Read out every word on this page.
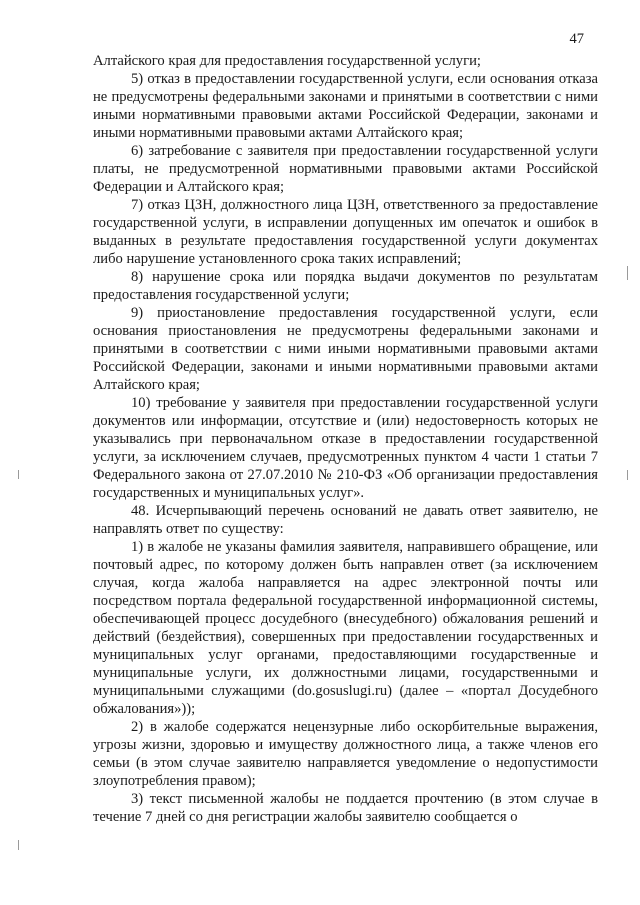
47

Алтайского края для предоставления государственной услуги;

5) отказ в предоставлении государственной услуги, если основания отказа не предусмотрены федеральными законами и принятыми в соответствии с ними иными нормативными правовыми актами Российской Федерации, законами и иными нормативными правовыми актами Алтайского края;

6) затребование с заявителя при предоставлении государственной услуги платы, не предусмотренной нормативными правовыми актами Российской Федерации и Алтайского края;

7) отказ ЦЗН, должностного лица ЦЗН, ответственного за предоставление государственной услуги, в исправлении допущенных им опечаток и ошибок в выданных в результате предоставления государственной услуги документах либо нарушение установленного срока таких исправлений;

8) нарушение срока или порядка выдачи документов по результатам предоставления государственной услуги;

9) приостановление предоставления государственной услуги, если основания приостановления не предусмотрены федеральными законами и принятыми в соответствии с ними иными нормативными правовыми актами Российской Федерации, законами и иными нормативными правовыми актами Алтайского края;

10) требование у заявителя при предоставлении государственной услуги документов или информации, отсутствие и (или) недостоверность которых не указывались при первоначальном отказе в предоставлении государственной услуги, за исключением случаев, предусмотренных пунктом 4 части 1 статьи 7 Федерального закона от 27.07.2010 № 210-ФЗ «Об организации предоставления государственных и муниципальных услуг».

48. Исчерпывающий перечень оснований не давать ответ заявителю, не направлять ответ по существу:

1) в жалобе не указаны фамилия заявителя, направившего обращение, или почтовый адрес, по которому должен быть направлен ответ (за исключением случая, когда жалоба направляется на адрес электронной почты или посредством портала федеральной государственной информационной системы, обеспечивающей процесс досудебного (внесудебного) обжалования решений и действий (бездействия), совершенных при предоставлении государственных и муниципальных услуг органами, предоставляющими государственные и муниципальные услуги, их должностными лицами, государственными и муниципальными служащими (do.gosuslugi.ru) (далее – «портал Досудебного обжалования»));

2) в жалобе содержатся нецензурные либо оскорбительные выражения, угрозы жизни, здоровью и имуществу должностного лица, а также членов его семьи (в этом случае заявителю направляется уведомление о недопустимости злоупотребления правом);

3) текст письменной жалобы не поддается прочтению (в этом случае в течение 7 дней со дня регистрации жалобы заявителю сообщается о
